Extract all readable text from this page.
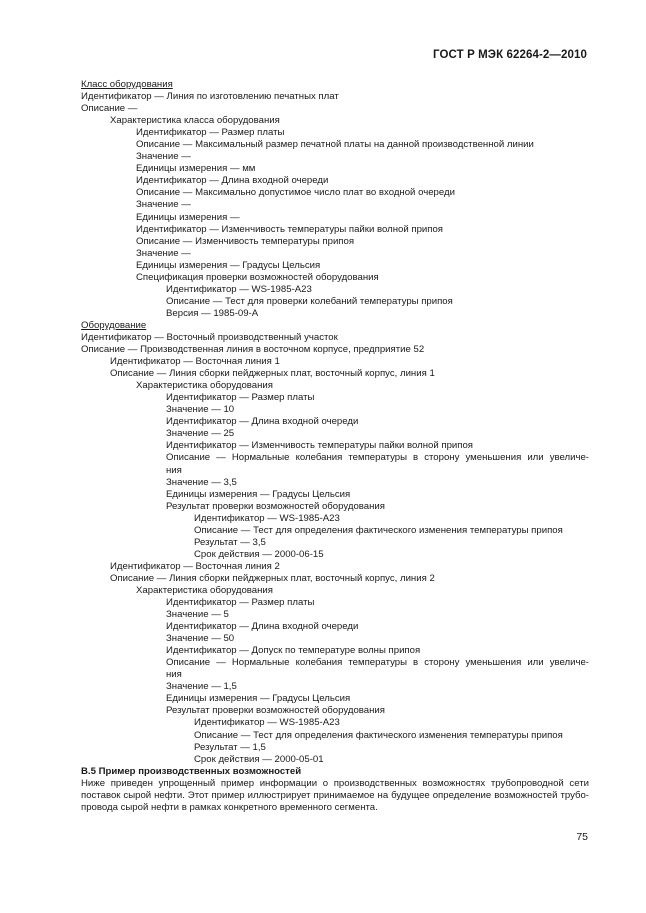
ГОСТ Р МЭК 62264-2—2010
Класс оборудования
Идентификатор — Линия по изготовлению печатных плат
Описание —
Характеристика класса оборудования
Идентификатор — Размер платы
Описание — Максимальный размер печатной платы на данной производственной линии
Значение —
Единицы измерения — мм
Идентификатор — Длина входной очереди
Описание — Максимально допустимое число плат во входной очереди
Значение —
Единицы измерения —
Идентификатор — Изменчивость температуры пайки волной припоя
Описание — Изменчивость температуры припоя
Значение —
Единицы измерения — Градусы Цельсия
Спецификация проверки возможностей оборудования
Идентификатор — WS-1985-A23
Описание — Тест для проверки колебаний температуры припоя
Версия — 1985-09-A
Оборудование
Идентификатор — Восточный производственный участок
Описание — Производственная линия в восточном корпусе, предприятие 52
Идентификатор — Восточная линия 1
Описание — Линия сборки пейджерных плат, восточный корпус, линия 1
Характеристика оборудования
Идентификатор — Размер платы
Значение — 10
Идентификатор — Длина входной очереди
Значение — 25
Идентификатор — Изменчивость температуры пайки волной припоя
Описание — Нормальные колебания температуры в сторону уменьшения или увеличе-
ния
Значение — 3,5
Единицы измерения — Градусы Цельсия
Результат проверки возможностей оборудования
Идентификатор — WS-1985-A23
Описание — Тест для определения фактического изменения температуры припоя
Результат — 3,5
Срок действия — 2000-06-15
Идентификатор — Восточная линия 2
Описание — Линия сборки пейджерных плат, восточный корпус, линия 2
Характеристика оборудования
Идентификатор — Размер платы
Значение — 5
Идентификатор — Длина входной очереди
Значение — 50
Идентификатор — Допуск по температуре волны припоя
Описание — Нормальные колебания температуры в сторону уменьшения или увеличе-
ния
Значение — 1,5
Единицы измерения — Градусы Цельсия
Результат проверки возможностей оборудования
Идентификатор — WS-1985-A23
Описание — Тест для определения фактического изменения температуры припоя
Результат — 1,5
Срок действия — 2000-05-01
B.5 Пример производственных возможностей
Ниже приведен упрощенный пример информации о производственных возможностях трубопроводной сети
поставок сырой нефти. Этот пример иллюстрирует принимаемое на будущее определение возможностей трубо-
провода сырой нефти в рамках конкретного временного сегмента.
75
